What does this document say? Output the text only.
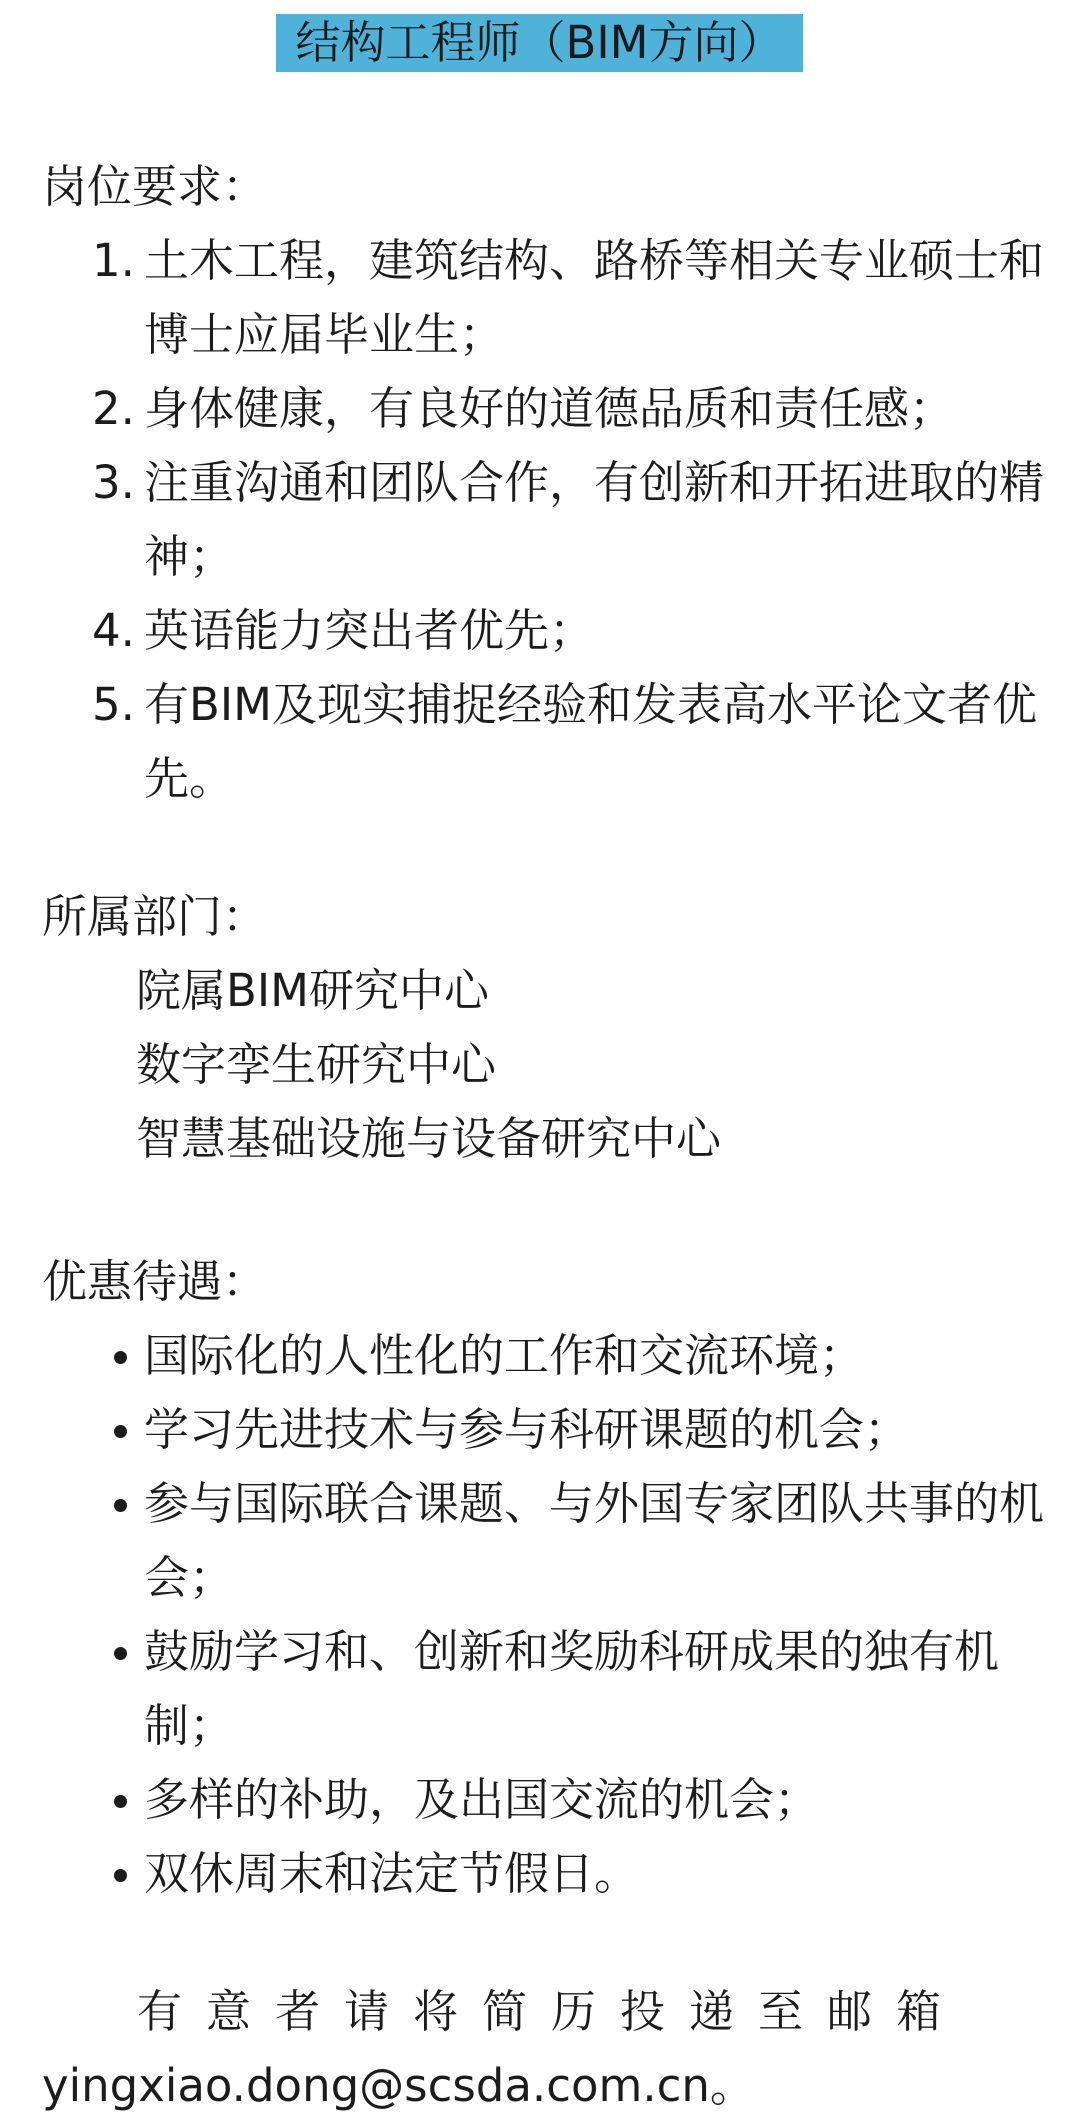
结构工程师（BIM方向）
岗位要求：
1. 土木工程，建筑结构、路桥等相关专业硕士和博士应届毕业生；
2. 身体健康，有良好的道德品质和责任感；
3. 注重沟通和团队合作，有创新和开拓进取的精神；
4. 英语能力突出者优先；
5. 有BIM及现实捕捉经验和发表高水平论文者优先。
所属部门：
院属BIM研究中心
数字孪生研究中心
智慧基础设施与设备研究中心
优惠待遇：
国际化的人性化的工作和交流环境；
学习先进技术与参与科研课题的机会；
参与国际联合课题、与外国专家团队共事的机会；
鼓励学习和、创新和奖励科研成果的独有机制；
多样的补助，及出国交流的机会；
双休周末和法定节假日。
有意者请将简历投递至邮箱
yingxiao.dong@scsda.com.cn。
